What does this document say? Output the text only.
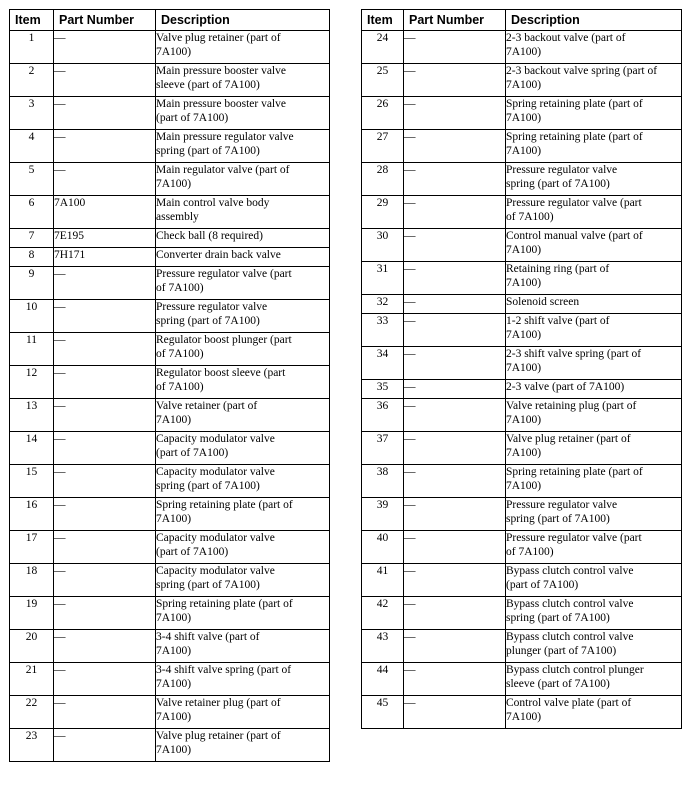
Item	Part Number	Description
1	—	Valve plug retainer (part of
7A100)
2	—	Main pressure booster valve
sleeve (part of 7A100)
3	—	Main pressure booster valve
(part of 7A100)
4	—	Main pressure regulator valve
spring (part of 7A100)
5	—	Main regulator valve (part of
7A100)
6	7A100	Main control valve body
assembly
7	7E195	Check ball (8 required)
8	7H171	Converter drain back valve
9	—	Pressure regulator valve (part
of 7A100)
10	—	Pressure regulator valve
spring (part of 7A100)
11	—	Regulator boost plunger (part
of 7A100)
12	—	Regulator boost sleeve (part
of 7A100)
13	—	Valve retainer (part of
7A100)
14	—	Capacity modulator valve
(part of 7A100)
15	—	Capacity modulator valve
spring (part of 7A100)
16	—	Spring retaining plate (part of
7A100)
17	—	Capacity modulator valve
(part of 7A100)
18	—	Capacity modulator valve
spring (part of 7A100)
19	—	Spring retaining plate (part of
7A100)
20	—	3-4 shift valve (part of
7A100)
21	—	3-4 shift valve spring (part of
7A100)
22	—	Valve retainer plug (part of
7A100)
23	—	Valve plug retainer (part of
7A100)
Item	Part Number	Description
24	—	2-3 backout valve (part of
7A100)
25	—	2-3 backout valve spring (part of
7A100)
26	—	Spring retaining plate (part of
7A100)
27	—	Spring retaining plate (part of
7A100)
28	—	Pressure regulator valve
spring (part of 7A100)
29	—	Pressure regulator valve (part
of 7A100)
30	—	Control manual valve (part of
7A100)
31	—	Retaining ring (part of
7A100)
32	—	Solenoid screen
33	—	1-2 shift valve (part of
7A100)
34	—	2-3 shift valve spring (part of
7A100)
35	—	2-3 valve (part of 7A100)
36	—	Valve retaining plug (part of
7A100)
37	—	Valve plug retainer (part of
7A100)
38	—	Spring retaining plate (part of
7A100)
39	—	Pressure regulator valve
spring (part of 7A100)
40	—	Pressure regulator valve (part
of 7A100)
41	—	Bypass clutch control valve
(part of 7A100)
42	—	Bypass clutch control valve
spring (part of 7A100)
43	—	Bypass clutch control valve
plunger (part of 7A100)
44	—	Bypass clutch control plunger
sleeve (part of 7A100)
45	—	Control valve plate (part of
7A100)
